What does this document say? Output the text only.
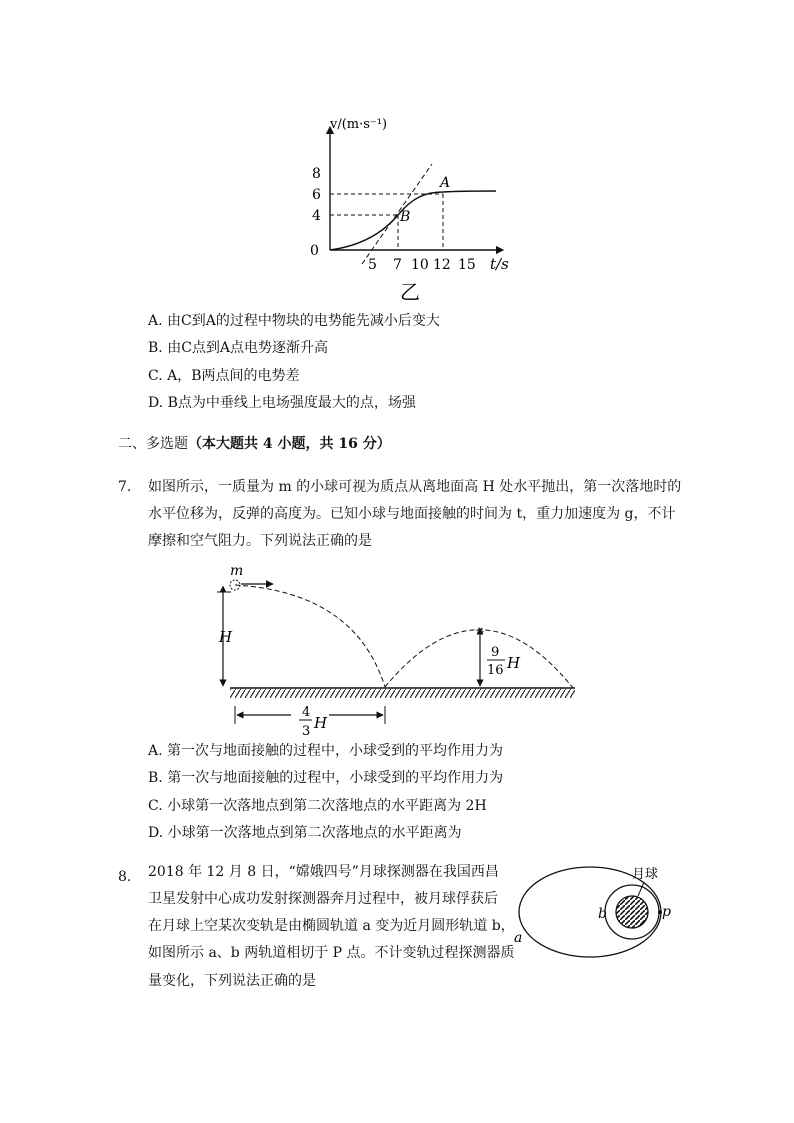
v/(m·s⁻¹)
0
8
6
4
5 7 10 12 15 t/s
A
B
乙
A. 由C到A的过程中物块的电势能先减小后变大
B. 由C点到A点电势逐渐升高
C. A，B两点间的电势差
D. B点为中垂线上电场强度最大的点，场强
二、多选题（本大题共 4 小题，共 16 分）
7. 如图所示，一质量为 m 的小球可视为质点从离地面高 H 处水平抛出，第一次落地时的
水平位移为，反弹的高度为。已知小球与地面接触的时间为 t，重力加速度为 g，不计
摩擦和空气阻力。下列说法正确的是
m
H
9
16 H
4
3 H
A. 第一次与地面接触的过程中，小球受到的平均作用力为
B. 第一次与地面接触的过程中，小球受到的平均作用力为
C. 小球第一次落地点到第二次落地点的水平距离为 2H
D. 小球第一次落地点到第二次落地点的水平距离为
8. 2018 年 12 月 8 日，“嫦娥四号”月球探测器在我国西昌
卫星发射中心成功发射探测器奔月过程中，被月球俘获后
在月球上空某次变轨是由椭圆轨道 a 变为近月圆形轨道 b，
如图所示 a、b 两轨道相切于 P 点。不计变轨过程探测器质
量变化，下列说法正确的是
月球
a
b	p
